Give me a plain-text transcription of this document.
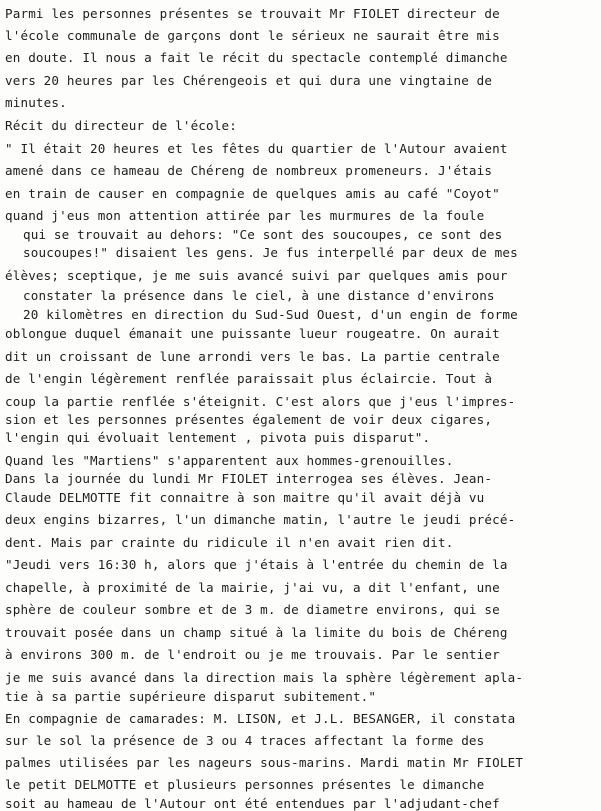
Parmi les personnes présentes se trouvait Mr FIOLET directeur de
l'école communale de garçons dont le sérieux ne saurait être mis
en doute. Il nous a fait le récit du spectacle contemplé dimanche
vers 20 heures par les Chérengeois et qui dura une vingtaine de
minutes.
Récit du directeur de l'école:
" Il était 20 heures et les fêtes du quartier de l'Autour avaient
amené dans ce hameau de Chéreng de nombreux promeneurs. J'étais
en train de causer en compagnie de quelques amis au café "Coyot"
quand j'eus mon attention attirée par les murmures de la foule
qui se trouvait au dehors: "Ce sont des soucoupes, ce sont des
soucoupes!" disaient les gens. Je fus interpellé par deux de mes
élèves; sceptique, je me suis avancé suivi par quelques amis pour
constater la présence dans le ciel, à une distance d'environs
20 kilomètres en direction du Sud-Sud Ouest, d'un engin de forme
oblongue duquel émanait une puissante lueur rougeatre. On aurait
dit un croissant de lune arrondi vers le bas. La partie centrale
de l'engin légèrement renflée paraissait plus éclaircie. Tout à
coup la partie renflée s'éteignit. C'est alors que j'eus l'impres-
sion et les personnes présentes également de voir deux cigares,
l'engin qui évoluait lentement , pivota puis disparut".
Quand les "Martiens" s'apparentent aux hommes-grenouilles.
Dans la journée du lundi Mr FIOLET interrogea ses élèves. Jean-
Claude DELMOTTE fit connaitre à son maitre qu'il avait déjà vu
deux engins bizarres, l'un dimanche matin, l'autre le jeudi précé-
dent. Mais par crainte du ridicule il n'en avait rien dit.
"Jeudi vers 16:30 h, alors que j'étais à l'entrée du chemin de la
chapelle, à proximité de la mairie, j'ai vu, a dit l'enfant, une
sphère de couleur sombre et de 3 m. de diametre environs, qui se
trouvait posée dans un champ situé à la limite du bois de Chéreng
à environs 300 m. de l'endroit ou je me trouvais. Par le sentier
je me suis avancé dans la direction mais la sphère légèrement apla-
tie à sa partie supérieure disparut subitement."
En compagnie de camarades: M. LISON, et J.L. BESANGER, il constata
sur le sol la présence de 3 ou 4 traces affectant la forme des
palmes utilisées par les nageurs sous-marins. Mardi matin Mr FIOLET
le petit DELMOTTE et plusieurs personnes présentes le dimanche
soit au hameau de l'Autour ont été entendues par l'adjudant-chef
